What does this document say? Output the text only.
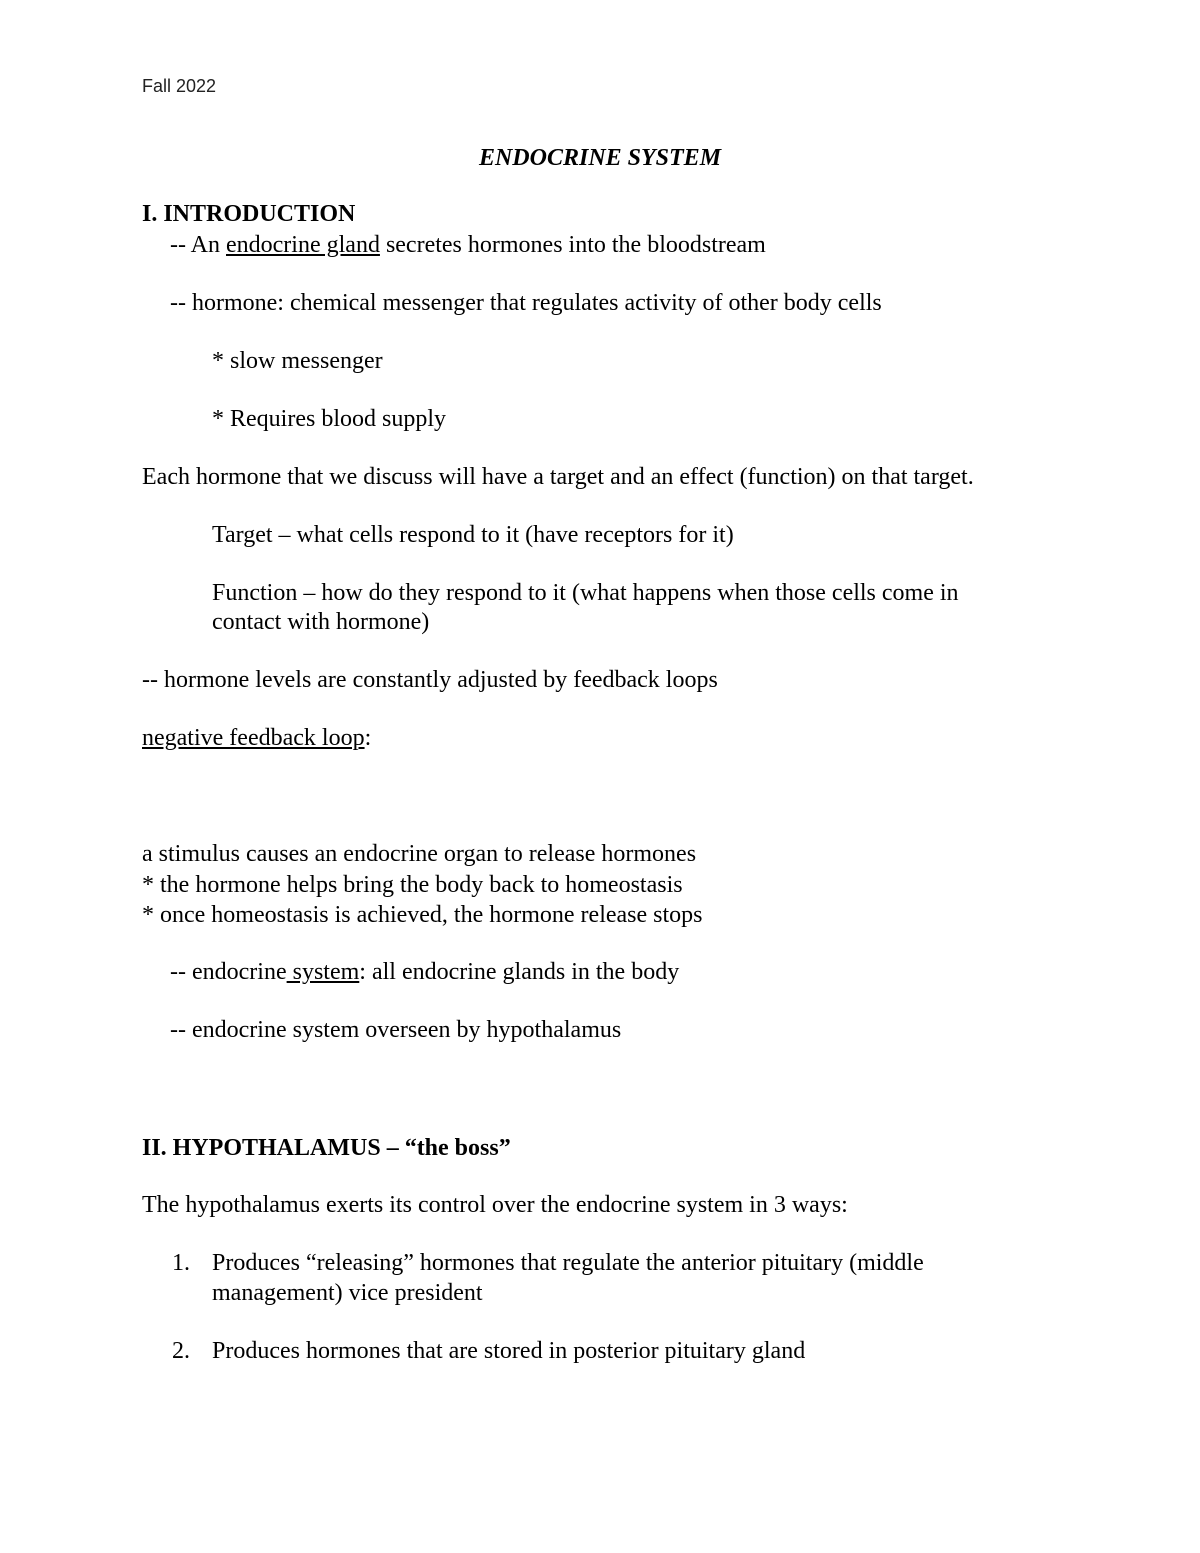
Fall 2022
ENDOCRINE SYSTEM
I. INTRODUCTION
-- An endocrine gland secretes hormones into the bloodstream
-- hormone: chemical messenger that regulates activity of other body cells
* slow messenger
* Requires blood supply
Each hormone that we discuss will have a target and an effect (function) on that target.
Target – what cells respond to it (have receptors for it)
Function – how do they respond to it (what happens when those cells come in
contact with hormone)
-- hormone levels are constantly adjusted by feedback loops
negative feedback loop:
a stimulus causes an endocrine organ to release hormones
* the hormone helps bring the body back to homeostasis
* once homeostasis is achieved, the hormone release stops
-- endocrine system: all endocrine glands in the body
-- endocrine system overseen by hypothalamus
II. HYPOTHALAMUS – “the boss”
The hypothalamus exerts its control over the endocrine system in 3 ways:
1. Produces “releasing” hormones that regulate the anterior pituitary (middle
management) vice president
2. Produces hormones that are stored in posterior pituitary gland
